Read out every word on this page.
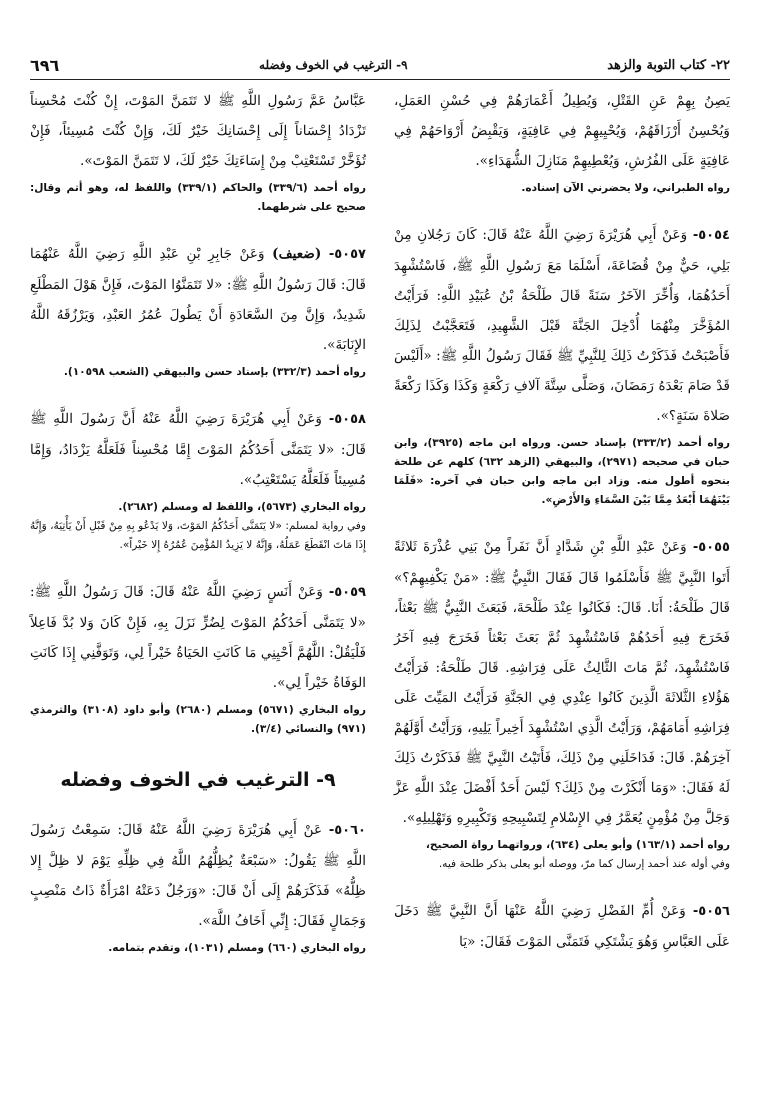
٢٢- كتاب التوبة والزهد
٩- الترغيب في الخوف وفضله
٦٩٦

يَصِنُ بِهِمْ عَنِ القَتْلِ، وَيُطِيلُ أَعْمَارَهُمْ فِي حُسْنِ العَمَلِ، وَيُحْسِنُ أَرْزَاقَهُمْ، وَيُحْيِيهِمْ فِي عَافِيَةٍ، وَيَقْبِضُ أَرْوَاحَهُمْ فِي عَافِيَةٍ عَلَى الفُرُشِ، وَيُعْطِيهِمْ مَنَازِلَ الشُّهَدَاءِ».

رواه الطبراني، ولا يحضرني الآن إسناده.

٥٠٥٤- وَعَنْ أَبِي هُرَيْرَةَ رَضِيَ اللَّهُ عَنْهُ قَالَ: كَانَ رَجُلانِ مِنْ بَلِي، حَيٌّ مِنْ قُضَاعَةَ، أَسْلَمَا مَعَ رَسُولِ اللَّهِ ﷺ، فَاسْتُشْهِدَ أَحَدُهُمَا، وَأُخِّرَ الآخَرُ سَنَةً قَالَ طَلْحَةُ بْنُ عُبَيْدِ اللَّهِ: فَرَأَيْتُ المُؤَخَّرَ مِنْهُمَا أُدْخِلَ الجَنَّةَ قَبْلَ الشَّهِيدِ، فَتَعَجَّبْتُ لِذَلِكَ فَأَصْبَحْتُ فَذَكَرْتُ ذَلِكَ لِلنَّبِيِّ ﷺ فَقَالَ رَسُولُ اللَّهِ ﷺ: «أَلَيْسَ قَدْ صَامَ بَعْدَهُ رَمَضَانَ، وَصَلَّى سِتَّةَ آلافِ رَكْعَةٍ وَكَذَا وَكَذَا رَكْعَةً صَلاةَ سَنَةٍ؟».

رواه أحمد (٣٣٣/٢) بإسناد حسن. ورواه ابن ماجه (٣٩٢٥)، وابن حبان في صحيحه (٢٩٧١)، والبيهقي (الزهد ٦٣٢) كلهم عن طلحة بنحوه أطول منه. وزاد ابن ماجه وابن حبان في آخره: «فَلَمَا بَيْنَهُمَا أَبْعَدُ مِمَّا بَيْنَ السَّمَاءِ وَالأَرْضِ».

٥٠٥٥- وَعَنْ عَبْدِ اللَّهِ بْنِ شَدَّادٍ أَنَّ نَفَراً مِنْ بَنِي عُذْرَةَ ثَلاثَةً أَتَوا النَّبِيَّ ﷺ فَأَسْلَمُوا قَالَ فَقَالَ النَّبِيُّ ﷺ: «مَنْ يَكْفِيهِمْ؟» قَالَ طَلْحَةُ: أَنَا. قَالَ: فَكَانُوا عِنْدَ طَلْحَةَ، فَبَعَثَ النَّبِيُّ ﷺ بَعْثاً، فَخَرَجَ فِيهِ أَحَدُهُمْ فَاسْتُشْهِدَ ثُمَّ بَعَثَ بَعْثاً فَخَرَجَ فِيهِ آخَرُ فَاسْتُشْهِدَ، ثُمَّ مَاتَ الثَّالِثُ عَلَى فِرَاشِهِ. قَالَ طَلْحَةُ: فَرَأَيْتُ هَؤُلاءِ الثَّلاثَةَ الَّذِينَ كَانُوا عِنْدِي فِي الجَنَّةِ فَرَأَيْتُ المَيِّتَ عَلَى فِرَاشِهِ أَمَامَهُمْ، وَرَأَيْتُ الَّذِي اسْتُشْهِدَ أَخِيراً يَلِيهِ، وَرَأَيْتُ أَوَّلَهُمْ آخِرَهُمْ. قَالَ: فَدَاخَلَنِي مِنْ ذَلِكَ، فَأَتَيْتُ النَّبِيَّ ﷺ فَذَكَرْتُ ذَلِكَ لَهُ فَقَالَ: «وَمَا أَنْكَرْتَ مِنْ ذَلِكَ؟ لَيْسَ أَحَدٌ أَفْضَلَ عِنْدَ اللَّهِ عَزَّ وَجَلَّ مِنْ مُؤْمِنٍ يُعَمَّرُ فِي الإِسْلامِ لِتَسْبِيحِهِ وَتَكْبِيرِهِ وَتَهْلِيلِهِ».

رواه أحمد (١٦٣/١) وأبو يعلى (٦٣٤)، ورواتهما رواة الصحيح،
وفي أوله عند أحمد إرسال كما مرّ، ووصله أبو يعلى بذكر طلحة فيه.

٥٠٥٦- وَعَنْ أُمِّ الفَضْلِ رَضِيَ اللَّهُ عَنْهَا أَنَّ النَّبِيَّ ﷺ دَخَلَ عَلَى العَبَّاسِ وَهُوَ يَشْتَكِي فَتَمَنَّى المَوْتَ فَقَالَ: «يَا

عَبَّاسُ عَمَّ رَسُولِ اللَّهِ ﷺ لا تَتَمَنَّ المَوْتَ، إِنْ كُنْتَ مُحْسِناً تَزْدَادُ إِحْسَاناً إِلَى إِحْسَانِكَ خَيْرٌ لَكَ، وَإِنْ كُنْتَ مُسِيئاً، فَإِنْ تُؤَخَّرْ تَسْتَعْتِبْ مِنْ إِسَاءَتِكَ خَيْرٌ لَكَ، لا تَتَمَنَّ المَوْتَ».

رواه أحمد (٣٣٩/٦) والحاكم (٣٣٩/١) واللفظ له، وهو أتم وقال: صحيح على شرطهما.

٥٠٥٧- (ضعيف) وَعَنْ جَابِرِ بْنِ عَبْدِ اللَّهِ رَضِيَ اللَّهُ عَنْهُمَا قَالَ: قَالَ رَسُولُ اللَّهِ ﷺ: «لا تَتَمَنَّوُا المَوْتَ، فَإِنَّ هَوْلَ المَطْلَعِ شَدِيدٌ، وَإِنَّ مِنَ السَّعَادَةِ أَنْ يَطُولَ عُمُرُ العَبْدِ، وَيَرْزُقَهُ اللَّهُ الإِنَابَةَ».

رواه أحمد (٣٣٢/٣) بإسناد حسن والبيهقي (الشعب ١٠٥٩٨).

٥٠٥٨- وَعَنْ أَبِي هُرَيْرَةَ رَضِيَ اللَّهُ عَنْهُ أَنَّ رَسُولَ اللَّهِ ﷺ قَالَ: «لا يَتَمَنَّى أَحَدُكُمُ المَوْتَ إِمَّا مُحْسِناً فَلَعَلَّهُ يَزْدَادُ، وَإِمَّا مُسِيئاً فَلَعَلَّهُ يَسْتَعْتِبُ».

رواه البخاري (٥٦٧٣)، واللفظ له ومسلم (٢٦٨٢).
وفي رواية لمسلم: «لا يَتَمَنَّى أَحَدُكُمُ المَوْتَ، وَلا يَدْعُو بِهِ مِنْ قَبْلِ أَنْ يَأْتِيَهُ، وَإِنَّهُ إِذَا مَاتَ انْقَطَعَ عَمَلُهُ، وَإِنَّهُ لا يَزِيدُ المُؤْمِنَ عُمُرُهُ إِلا خَيْراً».

٥٠٥٩- وَعَنْ أَنَسٍ رَضِيَ اللَّهُ عَنْهُ قَالَ: قَالَ رَسُولُ اللَّهِ ﷺ: «لا يَتَمَنَّى أَحَدُكُمُ المَوْتَ لِضُرٍّ نَزَلَ بِهِ، فَإِنْ كَانَ وَلا بُدَّ فَاعِلاً فَلْيَقُلْ: اللَّهُمَّ أَحْيِنِي مَا كَانَتِ الحَيَاةُ خَيْراً لِي، وَتَوَفَّنِي إِذَا كَانَتِ الوَفَاةُ خَيْراً لِي».

رواه البخاري (٥٦٧١) ومسلم (٢٦٨٠) وأبو داود (٣١٠٨) والترمذي (٩٧١) والنسائي (٣/٤).
٩- الترغيب في الخوف وفضله

٥٠٦٠- عَنْ أَبِي هُرَيْرَةَ رَضِيَ اللَّهُ عَنْهُ قَالَ: سَمِعْتُ رَسُولَ اللَّهِ ﷺ يَقُولُ: «سَبْعَةٌ يُظِلُّهُمُ اللَّهُ فِي ظِلِّهِ يَوْمَ لا ظِلَّ إِلا ظِلُّهُ» فَذَكَرَهُمْ إِلَى أَنْ قَالَ: «وَرَجُلٌ دَعَتْهُ امْرَأَةٌ ذَاتُ مَنْصِبٍ وَجَمَالٍ فَقَالَ: إِنِّي أَخَافُ اللَّهَ».

رواه البخاري (٦٦٠) ومسلم (١٠٣١)، وتقدم بتمامه.
